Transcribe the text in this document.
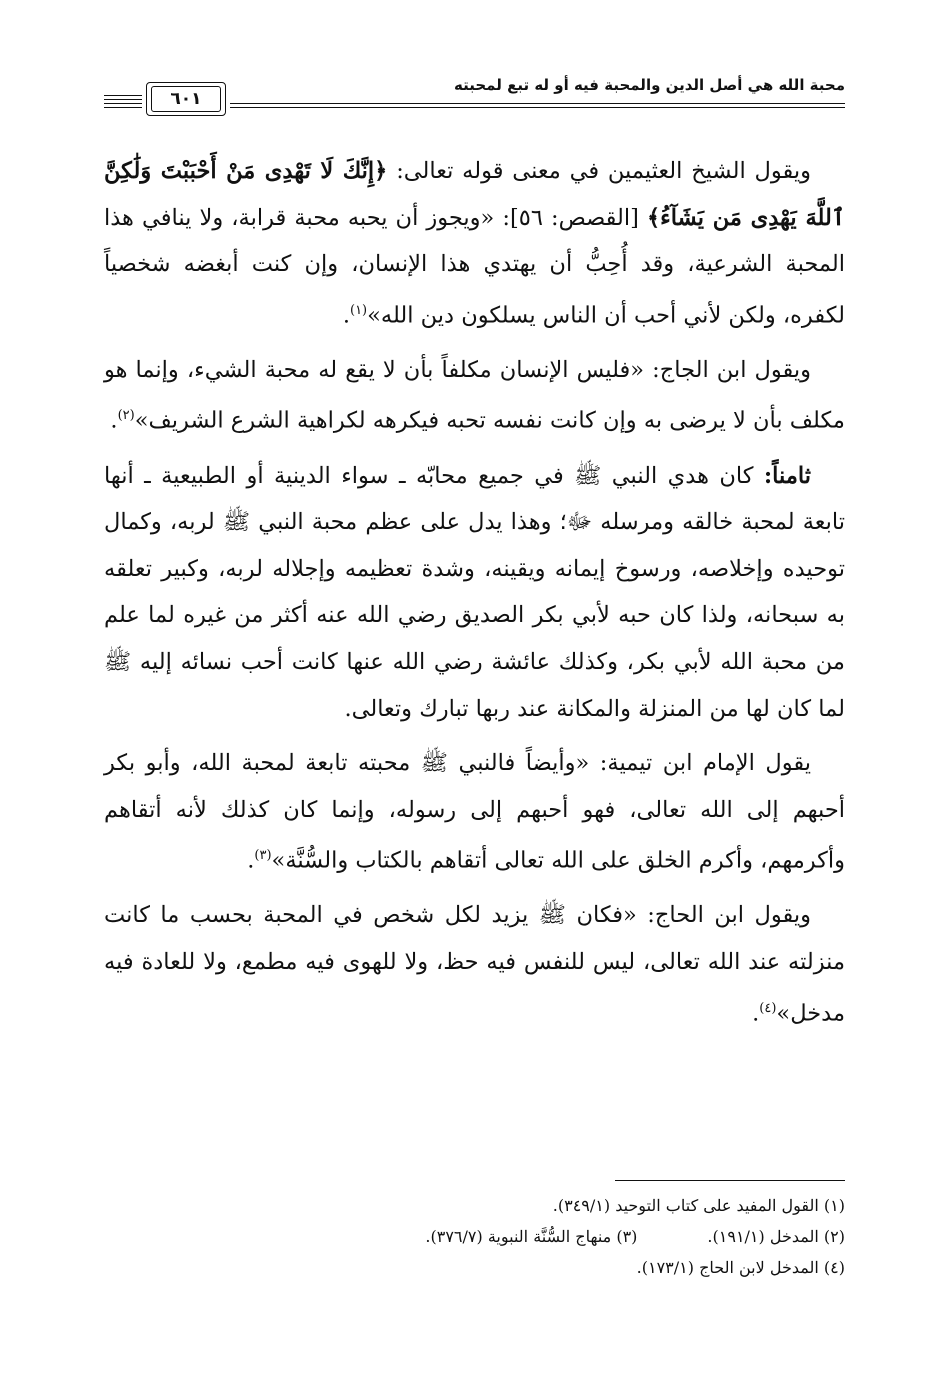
محبة الله هي أصل الدين والمحبة فيه أو له تبع لمحبته
٦٠١

ويقول الشيخ العثيمين في معنى قوله تعالى: ﴿إِنَّكَ لَا تَهْدِى مَنْ أَحْبَبْتَ وَلَٰكِنَّ ٱللَّهَ يَهْدِى مَن يَشَآءُ﴾ [القصص: ٥٦]: «ويجوز أن يحبه محبة قرابة، ولا ينافي هذا المحبة الشرعية، وقد أُحِبُّ أن يهتدي هذا الإنسان، وإن كنت أبغضه شخصياً لكفره، ولكن لأني أحب أن الناس يسلكون دين الله»$^{(١)}$.

ويقول ابن الجاج: «فليس الإنسان مكلفاً بأن لا يقع له محبة الشيء، وإنما هو مكلف بأن لا يرضى به وإن كانت نفسه تحبه فيكرهه لكراهية الشرع الشريف»$^{(٢)}$.

ثامناً: كان هدي النبي ﷺ في جميع محابّه ـ سواء الدينية أو الطبيعية ـ أنها تابعة لمحبة خالقه ومرسله ﷻ؛ وهذا يدل على عظم محبة النبي ﷺ لربه، وكمال توحيده وإخلاصه، ورسوخ إيمانه ويقينه، وشدة تعظيمه وإجلاله لربه، وكبير تعلقه به سبحانه، ولذا كان حبه لأبي بكر الصديق رضي الله عنه أكثر من غيره لما علم من محبة الله لأبي بكر، وكذلك عائشة رضي الله عنها كانت أحب نسائه إليه ﷺ لما كان لها من المنزلة والمكانة عند ربها تبارك وتعالى.

يقول الإمام ابن تيمية: «وأيضاً فالنبي ﷺ محبته تابعة لمحبة الله، وأبو بكر أحبهم إلى الله تعالى، فهو أحبهم إلى رسوله، وإنما كان كذلك لأنه أتقاهم وأكرمهم، وأكرم الخلق على الله تعالى أتقاهم بالكتاب والسُّنَّة»$^{(٣)}$.

ويقول ابن الحاج: «فكان ﷺ يزيد لكل شخص في المحبة بحسب ما كانت منزلته عند الله تعالى، ليس للنفس فيه حظ، ولا للهوى فيه مطمع، ولا للعادة فيه مدخل»$^{(٤)}$.

(١) القول المفيد على كتاب التوحيد (٣٤٩/١).
(٢) المدخل (١٩١/١).
(٣) منهاج السُّنَّة النبوية (٣٧٦/٧).
(٤) المدخل لابن الحاج (١٧٣/١).
